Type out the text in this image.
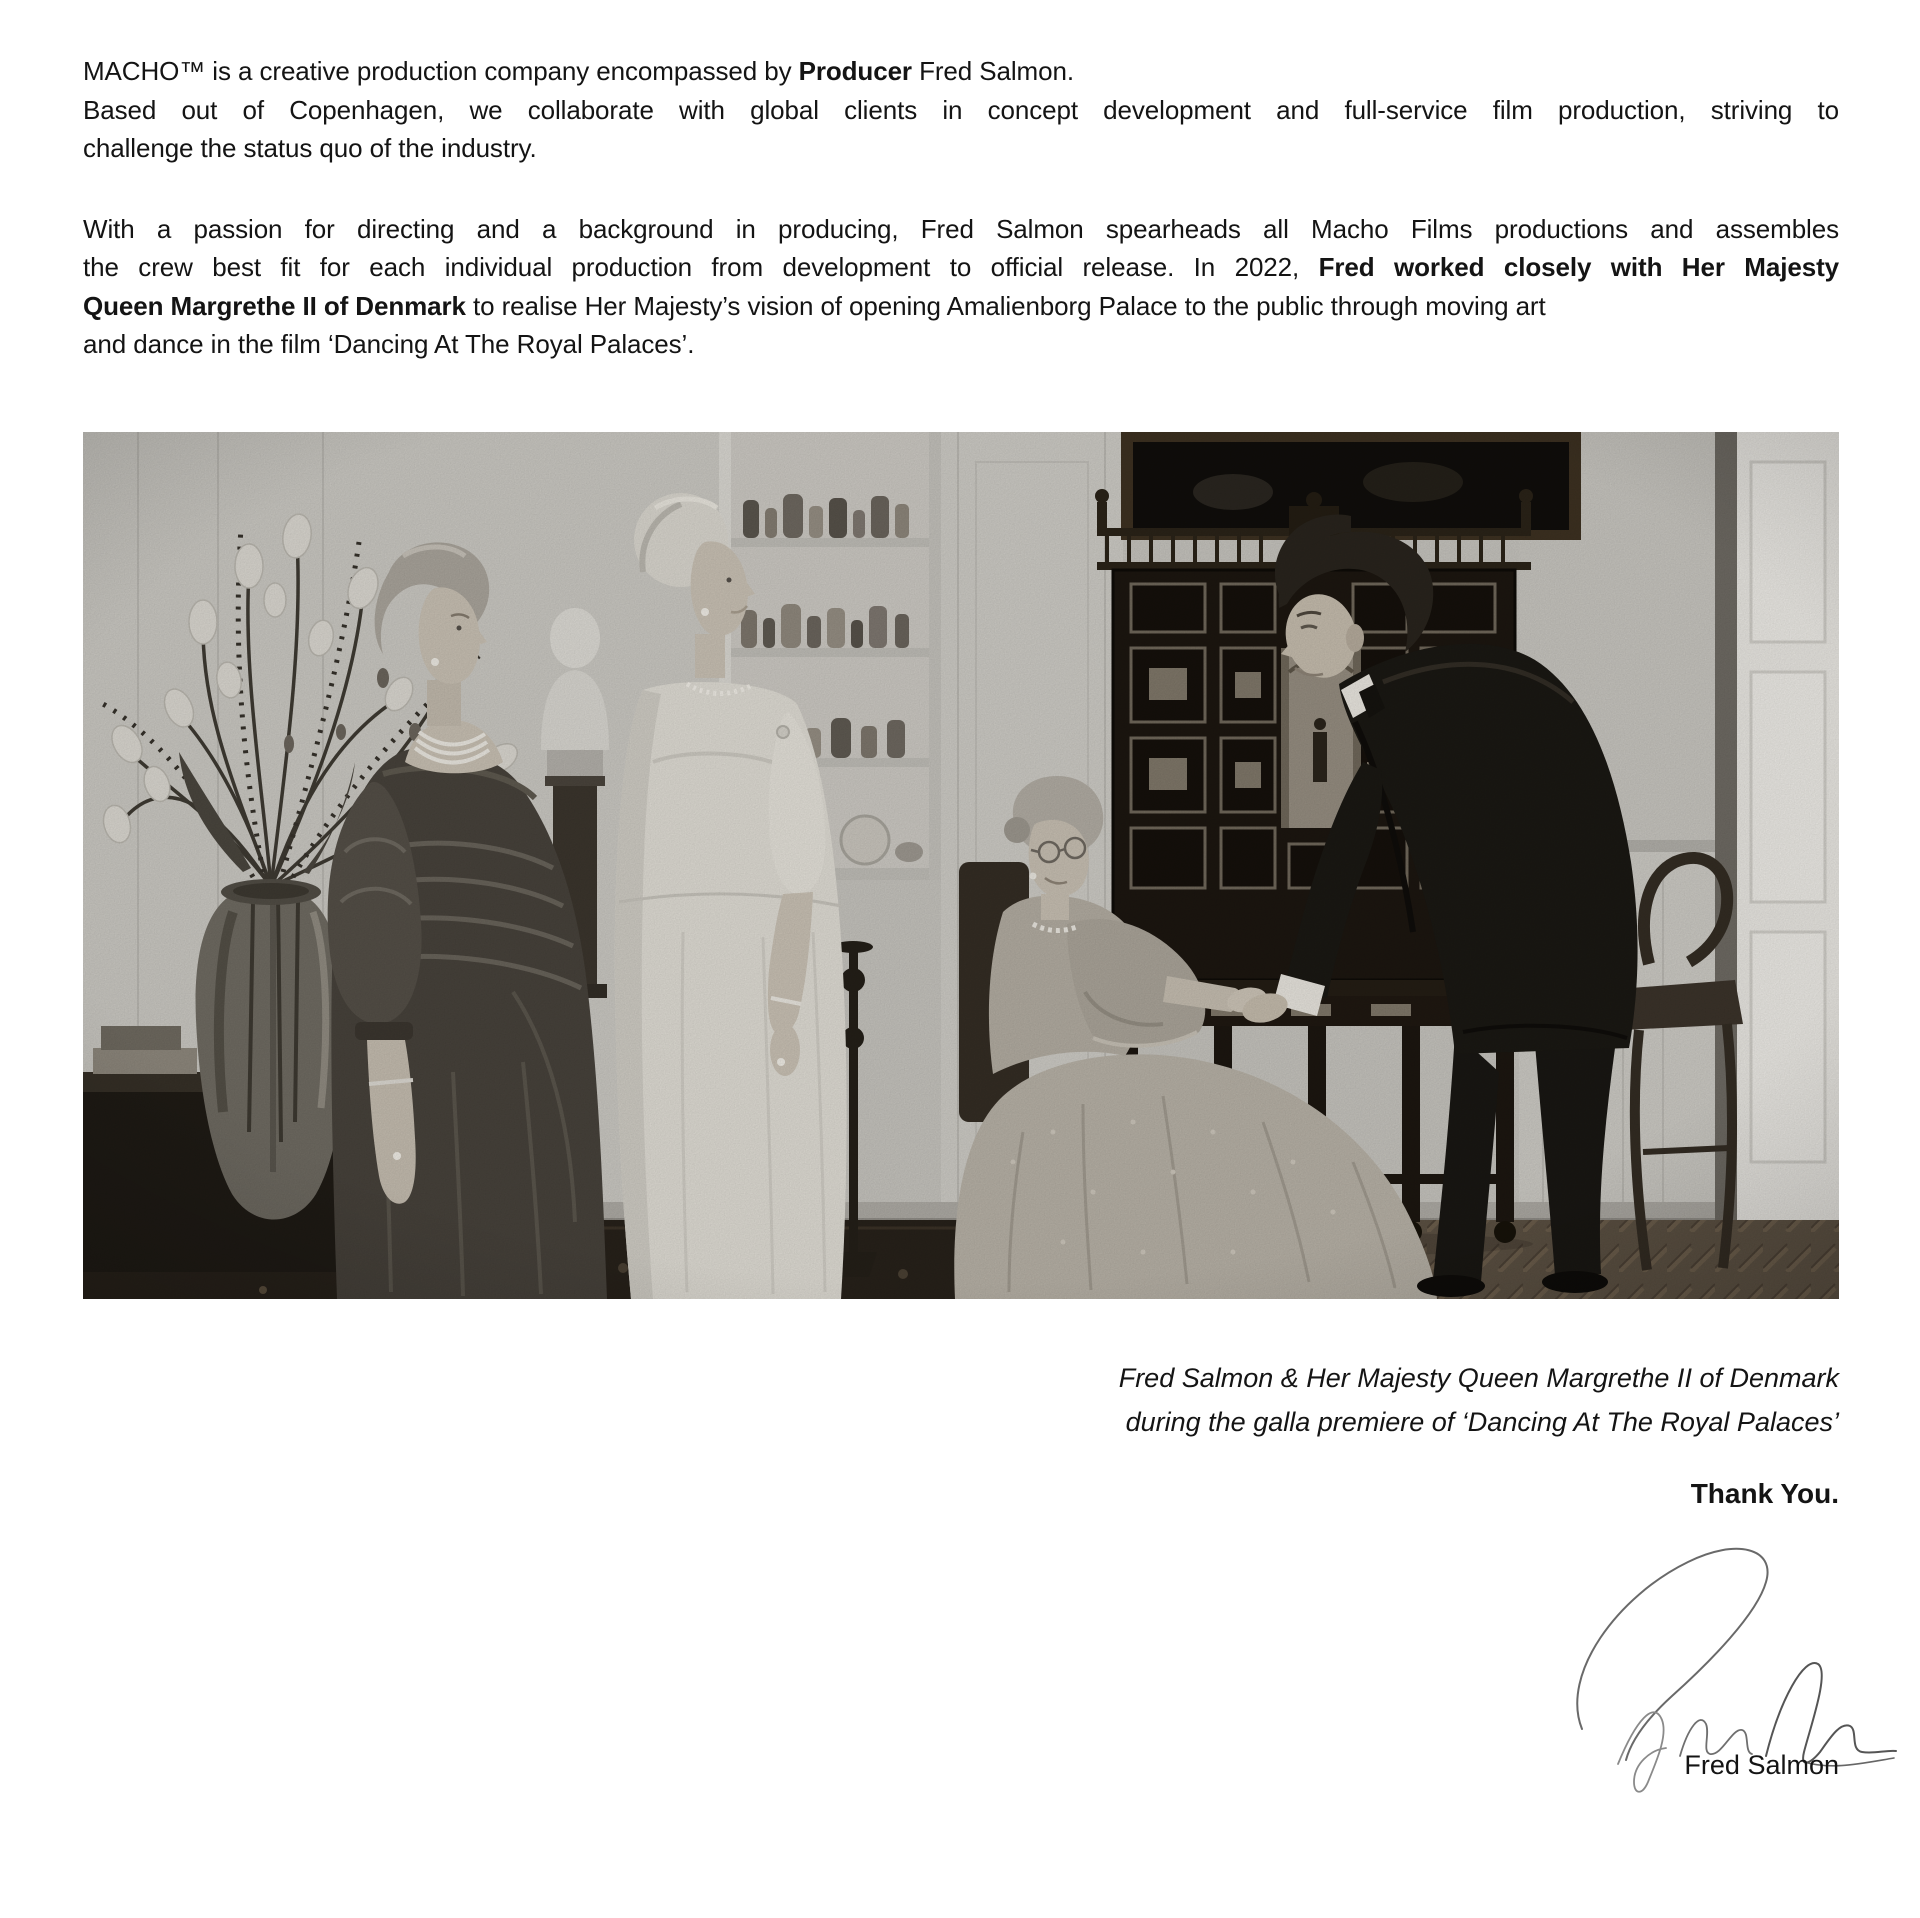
MACHO™ is a creative production company encompassed by Producer Fred Salmon.

Based out of Copenhagen, we collaborate with global clients in concept development and full-service film production, striving to

challenge the status quo of the industry.

With a passion for directing and a background in producing, Fred Salmon spearheads all Macho Films productions and assembles

the crew best fit for each individual production from development to official release. In 2022, Fred worked closely with Her Majesty

Queen Margrethe II of Denmark to realise Her Majesty’s vision of opening Amalienborg Palace to the public through moving art

and dance in the film ‘Dancing At The Royal Palaces’.

Fred Salmon & Her Majesty Queen Margrethe II of Denmark
during the galla premiere of ‘Dancing At The Royal Palaces’
Thank You.
Fred Salmon
